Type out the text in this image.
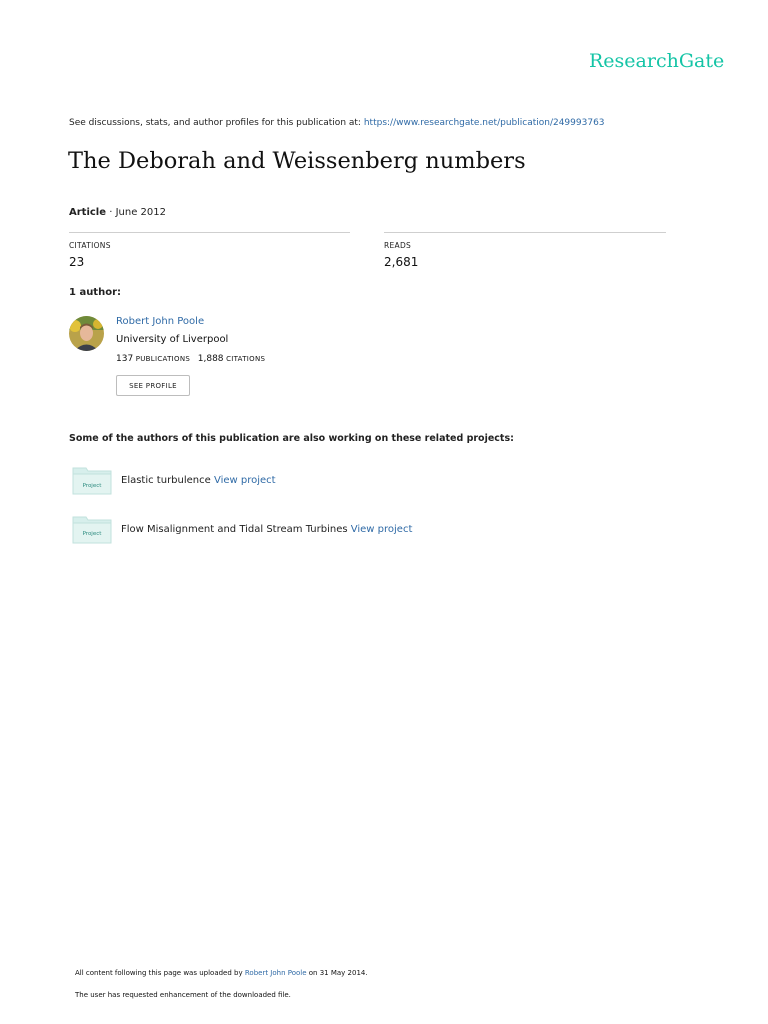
ResearchGate
See discussions, stats, and author profiles for this publication at: https://www.researchgate.net/publication/249993763
The Deborah and Weissenberg numbers
Article · June 2012
CITATIONS
23
READS
2,681
1 author:
Robert John Poole
University of Liverpool
137 PUBLICATIONS 1,888 CITATIONS
SEE PROFILE
Some of the authors of this publication are also working on these related projects:
Project Elastic turbulence View project
Project Flow Misalignment and Tidal Stream Turbines View project
All content following this page was uploaded by Robert John Poole on 31 May 2014.
The user has requested enhancement of the downloaded file.
